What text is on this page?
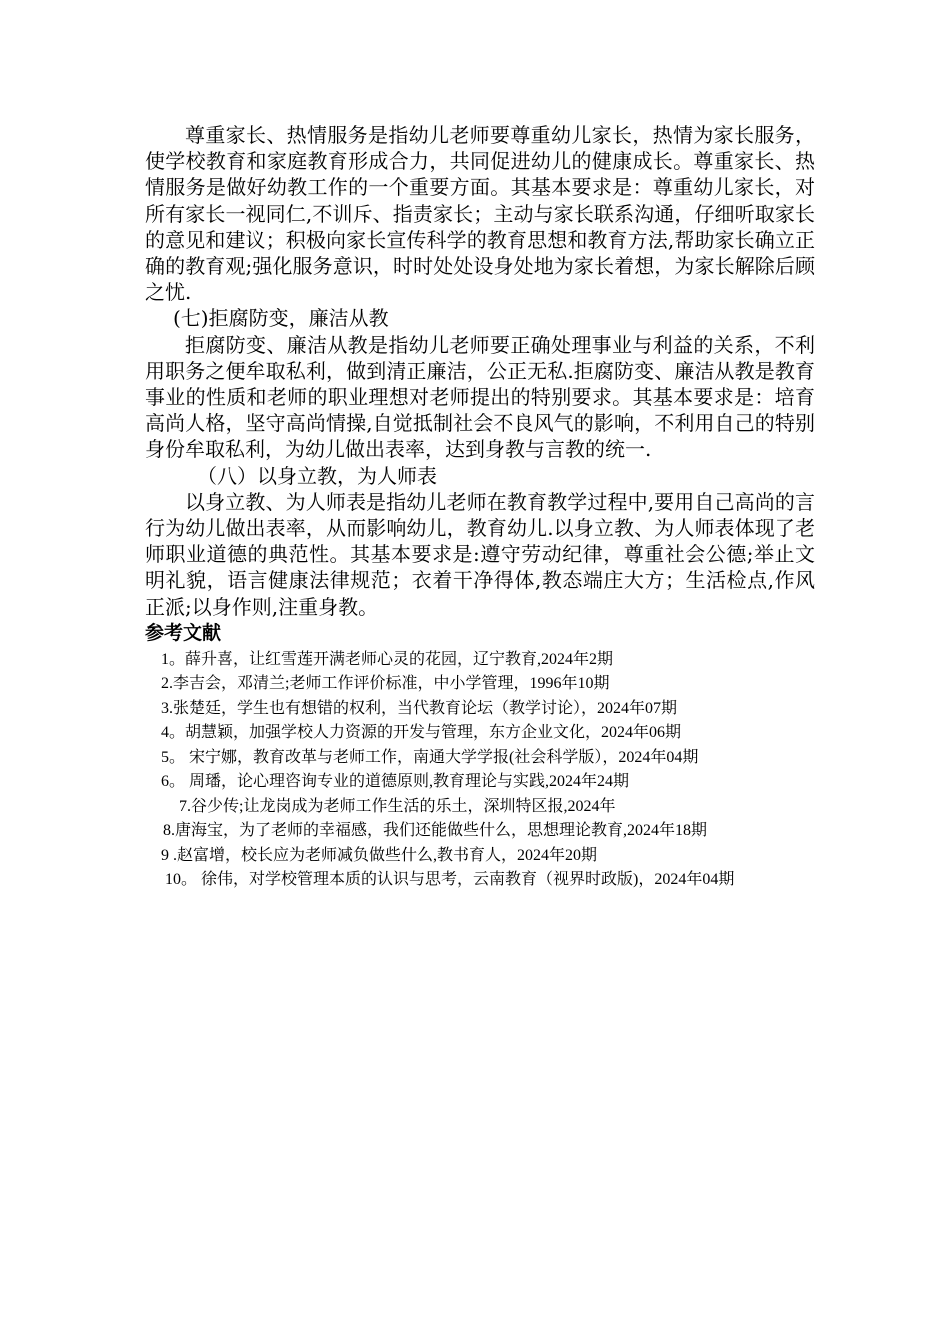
尊重家长、热情服务是指幼儿老师要尊重幼儿家长，热情为家长服务，使学校教育和家庭教育形成合力，共同促进幼儿的健康成长。尊重家长、热情服务是做好幼教工作的一个重要方面。其基本要求是：尊重幼儿家长，对所有家长一视同仁,不训斥、指责家长；主动与家长联系沟通，仔细听取家长的意见和建议；积极向家长宣传科学的教育思想和教育方法,帮助家长确立正确的教育观;强化服务意识，时时处处设身处地为家长着想，为家长解除后顾之忧.

(七)拒腐防变，廉洁从教

拒腐防变、廉洁从教是指幼儿老师要正确处理事业与利益的关系，不利用职务之便牟取私利，做到清正廉洁，公正无私.拒腐防变、廉洁从教是教育事业的性质和老师的职业理想对老师提出的特别要求。其基本要求是：培育高尚人格，坚守高尚情操,自觉抵制社会不良风气的影响，不利用自己的特别身份牟取私利，为幼儿做出表率，达到身教与言教的统一.

（八）以身立教，为人师表

以身立教、为人师表是指幼儿老师在教育教学过程中,要用自己高尚的言行为幼儿做出表率，从而影响幼儿，教育幼儿.以身立教、为人师表体现了老师职业道德的典范性。其基本要求是:遵守劳动纪律，尊重社会公德;举止文明礼貌，语言健康法律规范；衣着干净得体,教态端庄大方；生活检点,作风正派;以身作则,注重身教。

参考文献
1。薛升喜，让红雪莲开满老师心灵的花园，辽宁教育,2024年2期
2.李吉会，邓清兰;老师工作评价标准，中小学管理，1996年10期
3.张楚廷，学生也有想错的权利，当代教育论坛（教学讨论），2024年07期
4。胡慧颖，加强学校人力资源的开发与管理，东方企业文化，2024年06期
5。 宋宁娜，教育改革与老师工作，南通大学学报(社会科学版），2024年04期
6。 周璠，论心理咨询专业的道德原则,教育理论与实践,2024年24期
7.谷少传;让龙岗成为老师工作生活的乐土，深圳特区报,2024年
8.唐海宝，为了老师的幸福感，我们还能做些什么，思想理论教育,2024年18期
9 .赵富增，校长应为老师减负做些什么,教书育人，2024年20期
10。 徐伟，对学校管理本质的认识与思考，云南教育（视界时政版)，2024年04期
